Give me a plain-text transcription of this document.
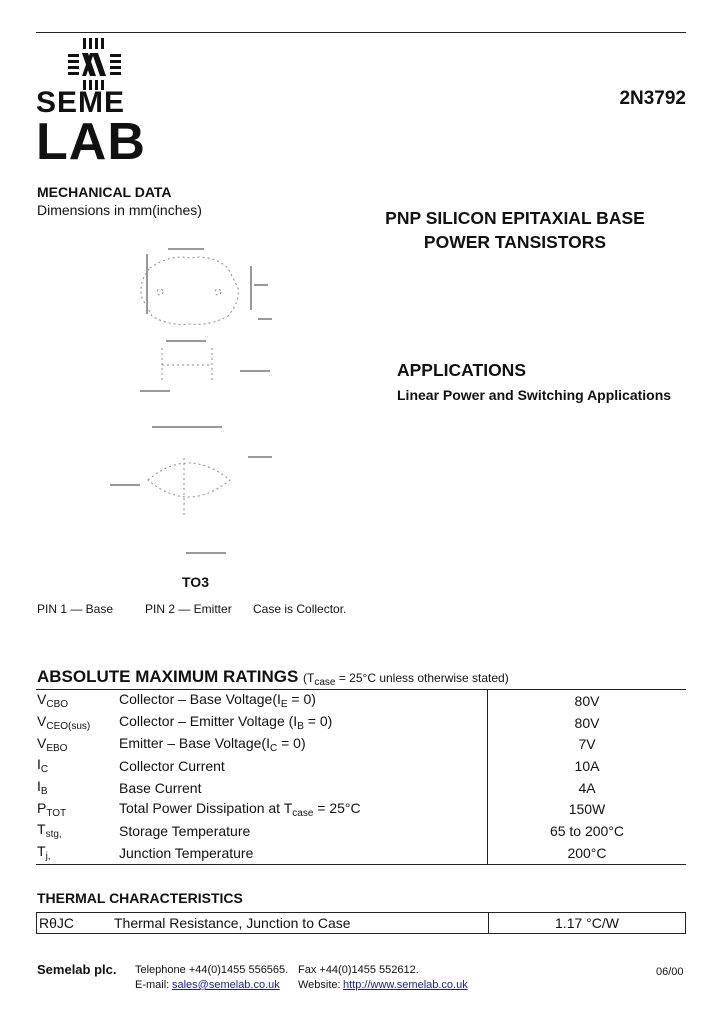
SEME
LAB
2N3792
MECHANICAL DATA
Dimensions in mm(inches)	PNP SILICON EPITAXIAL BASE
POWER TANSISTORS
APPLICATIONS
Linear Power and Switching Applications
TO3
PIN 1 — Base	PIN 2 — Emitter Case is Collector.
ABSOLUTE MAXIMUM RATINGS ($T_{case} = 25^\circ C$ unless otherwise stated)
$V_{CBO}$	Collector – Base $Voltage(I_E = 0)$	80V
$V_{CEO(sus)}$	Collector – Emitter Voltage $(I_B = 0)$	80V
$V_{EBO}$	Emitter – Base $Voltage(I_C = 0)$	7V
$I_C$	Collector Current	10A
$I_B$	Base Current	4A
$P_{TOT}$	Total Power Dissipation at $T_{case} = 25^\circ C$	150W
$T_{stg,}$	Storage Temperature	65 to 200°C
$T_{j,}$	Junction Temperature	200°C
THERMAL CHARACTERISTICS
RθJC	Thermal Resistance, Junction to Case	1.17 °C/W
Semelab plc. Telephone +44(0)1455 556565. Fax +44(0)1455 552612.	06/00
E-mail: sales@semelab.co.uk Website: http://www.semelab.co.uk
